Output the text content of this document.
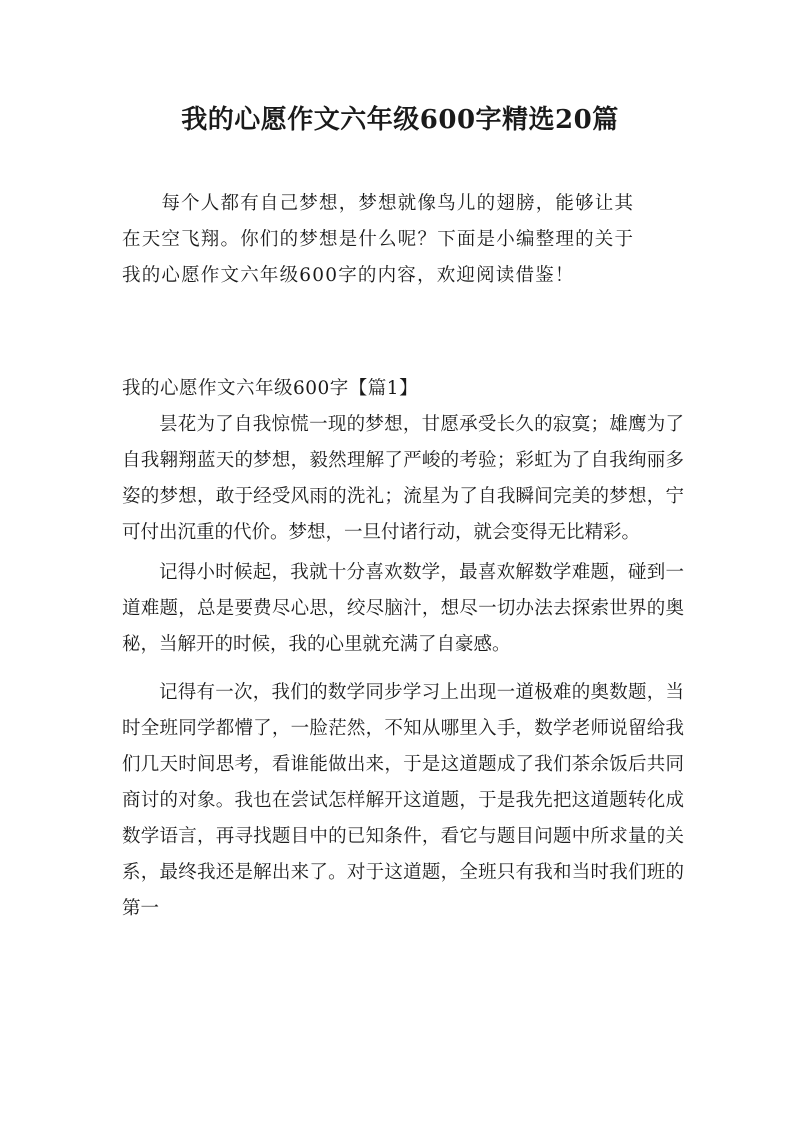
我的心愿作文六年级600字精选20篇
　　每个人都有自己梦想，梦想就像鸟儿的翅膀，能够让其
在天空飞翔。你们的梦想是什么呢？下面是小编整理的关于
我的心愿作文六年级600字的内容，欢迎阅读借鉴！
我的心愿作文六年级600字【篇1】

昙花为了自我惊慌一现的梦想，甘愿承受长久的寂寞；雄鹰为了自我翱翔蓝天的梦想，毅然理解了严峻的考验；彩虹为了自我绚丽多姿的梦想，敢于经受风雨的洗礼；流星为了自我瞬间完美的梦想，宁可付出沉重的代价。梦想，一旦付诸行动，就会变得无比精彩。

记得小时候起，我就十分喜欢数学，最喜欢解数学难题，碰到一道难题，总是要费尽心思，绞尽脑汁，想尽一切办法去探索世界的奥秘，当解开的时候，我的心里就充满了自豪感。

记得有一次，我们的数学同步学习上出现一道极难的奥数题，当时全班同学都懵了，一脸茫然，不知从哪里入手，数学老师说留给我们几天时间思考，看谁能做出来，于是这道题成了我们茶余饭后共同商讨的对象。我也在尝试怎样解开这道题，于是我先把这道题转化成数学语言，再寻找题目中的已知条件，看它与题目问题中所求量的关系，最终我还是解出来了。对于这道题，全班只有我和当时我们班的第一
